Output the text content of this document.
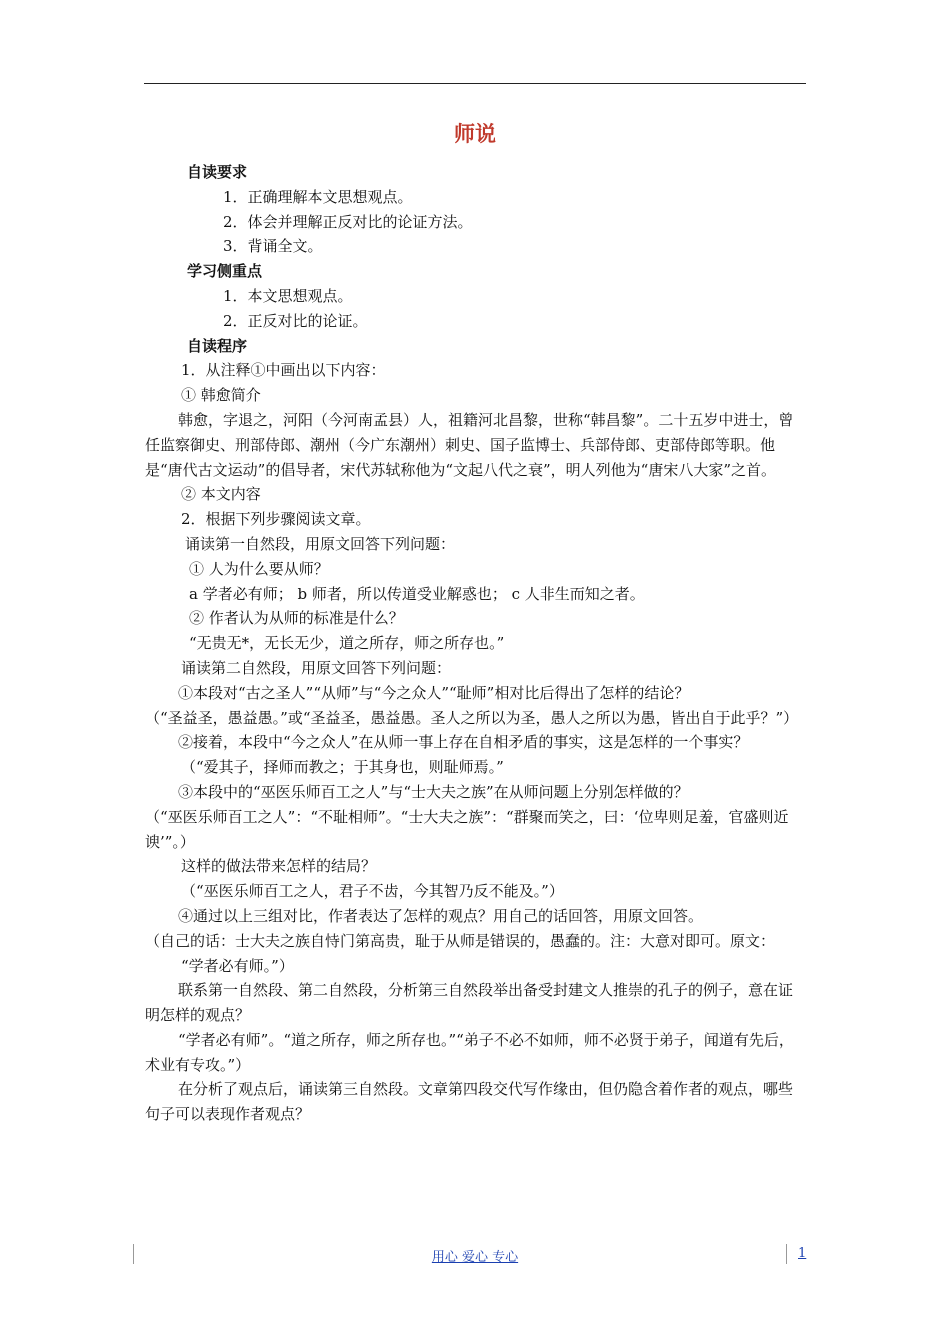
师说

自读要求

1．正确理解本文思想观点。

2．体会并理解正反对比的论证方法。

3．背诵全文。

学习侧重点

1．本文思想观点。

2．正反对比的论证。

自读程序

1．从注释①中画出以下内容：

① 韩愈简介

韩愈，字退之，河阳（今河南孟县）人，祖籍河北昌黎，世称“韩昌黎”。二十五岁中进士，曾任监察御史、刑部侍郎、潮州（今广东潮州）刺史、国子监博士、兵部侍郎、吏部侍郎等职。他是“唐代古文运动”的倡导者，宋代苏轼称他为“文起八代之衰”，明人列他为“唐宋八大家”之首。

② 本文内容

2．根据下列步骤阅读文章。

诵读第一自然段，用原文回答下列问题：

① 人为什么要从师？

a 学者必有师； b 师者，所以传道受业解惑也； c 人非生而知之者。

② 作者认为从师的标准是什么？

“无贵无*，无长无少，道之所存，师之所存也。”

诵读第二自然段，用原文回答下列问题：

①本段对“古之圣人”“从师”与“今之众人”“耻师”相对比后得出了怎样的结论？

（“圣益圣，愚益愚。”或“圣益圣，愚益愚。圣人之所以为圣，愚人之所以为愚，皆出自于此乎？”）

②接着，本段中“今之众人”在从师一事上存在自相矛盾的事实，这是怎样的一个事实？

（“爱其子，择师而教之；于其身也，则耻师焉。”

③本段中的“巫医乐师百工之人”与“士大夫之族”在从师问题上分别怎样做的？

（“巫医乐师百工之人”：“不耻相师”。“士大夫之族”：“群聚而笑之，曰：‘位卑则足羞，官盛则近谀’”。）

这样的做法带来怎样的结局？

（“巫医乐师百工之人，君子不齿，今其智乃反不能及。”）

④通过以上三组对比，作者表达了怎样的观点？用自己的话回答，用原文回答。

（自己的话：士大夫之族自恃门第高贵，耻于从师是错误的，愚蠢的。注：大意对即可。原文：

“学者必有师。”）

联系第一自然段、第二自然段，分析第三自然段举出备受封建文人推崇的孔子的例子，意在证明怎样的观点？

“学者必有师”。“道之所存，师之所存也。”“弟子不必不如师，师不必贤于弟子，闻道有先后，术业有专攻。”）

在分析了观点后，诵读第三自然段。文章第四段交代写作缘由，但仍隐含着作者的观点，哪些句子可以表现作者观点？

用心 爱心 专心	1
